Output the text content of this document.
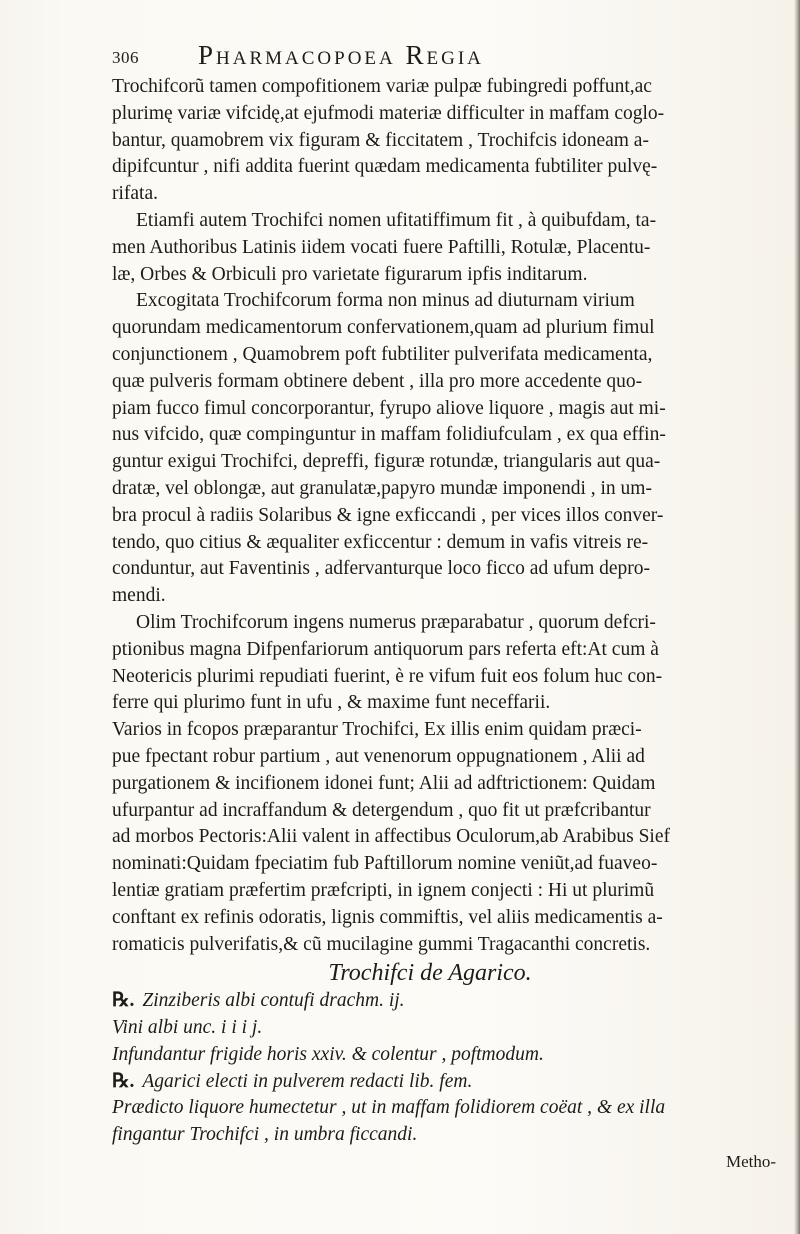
306 Pharmacopoea Regia
Trochifcorũ tamen compofitionem variæ pulpæ fubingredi poffunt,ac
plurimę variæ vifcidę,at ejufmodi materiæ difficulter in maffam coglo-
bantur, quamobrem vix figuram & ficcitatem , Trochifcis idoneam a-
dipifcuntur , nifi addita fuerint quædam medicamenta fubtiliter pulvę-
rifata.
Etiamfi autem Trochifci nomen ufitatiffimum fit , à quibufdam, ta-
men Authoribus Latinis iidem vocati fuere Paftilli, Rotulæ, Placentu-
læ, Orbes & Orbiculi pro varietate figurarum ipfis inditarum.
Excogitata Trochifcorum forma non minus ad diuturnam virium
quorundam medicamentorum confervationem,quam ad plurium fimul
conjunctionem , Quamobrem poft fubtiliter pulverifata medicamenta,
quæ pulveris formam obtinere debent , illa pro more accedente quo-
piam fucco fimul concorporantur, fyrupo aliove liquore , magis aut mi-
nus vifcido, quæ compinguntur in maffam folidiufculam , ex qua effin-
guntur exigui Trochifci, depreffi, figuræ rotundæ, triangularis aut qua-
dratæ, vel oblongæ, aut granulatæ,papyro mundæ imponendi , in um-
bra procul à radiis Solaribus & igne exficcandi , per vices illos conver-
tendo, quo citius & æqualiter exficcentur : demum in vafis vitreis re-
conduntur, aut Faventinis , adfervanturque loco ficco ad ufum depro-
mendi.
Olim Trochifcorum ingens numerus præparabatur , quorum defcri-
ptionibus magna Difpenfariorum antiquorum pars referta eft:At cum à
Neotericis plurimi repudiati fuerint, è re vifum fuit eos folum huc con-
ferre qui plurimo funt in ufu , & maxime funt neceffarii.
Varios in fcopos præparantur Trochifci, Ex illis enim quidam præci-
pue fpectant robur partium , aut venenorum oppugnationem , Alii ad
purgationem & incifionem idonei funt; Alii ad adftrictionem: Quidam
ufurpantur ad incraffandum & detergendum , quo fit ut præfcribantur
ad morbos Pectoris:Alii valent in affectibus Oculorum,ab Arabibus Sief
nominati:Quidam fpeciatim fub Paftillorum nomine veniũt,ad fuaveo-
lentiæ gratiam præfertim præfcripti, in ignem conjecti : Hi ut plurimũ
conftant ex refinis odoratis, lignis commiftis, vel aliis medicamentis a-
romaticis pulverifatis,& cũ mucilagine gummi Tragacanthi concretis.
Trochifci de Agarico.
℞. Zinziberis albi contufi drachm. ij.
Vini albi unc. i i i j.
Infundantur frigide horis xxiv. & colentur , poftmodum.
℞. Agarici electi in pulverem redacti lib. fem.
Prædicto liquore humectetur , ut in maffam folidiorem coëat , & ex illa
fingantur Trochifci , in umbra ficcandi.
Metho-
